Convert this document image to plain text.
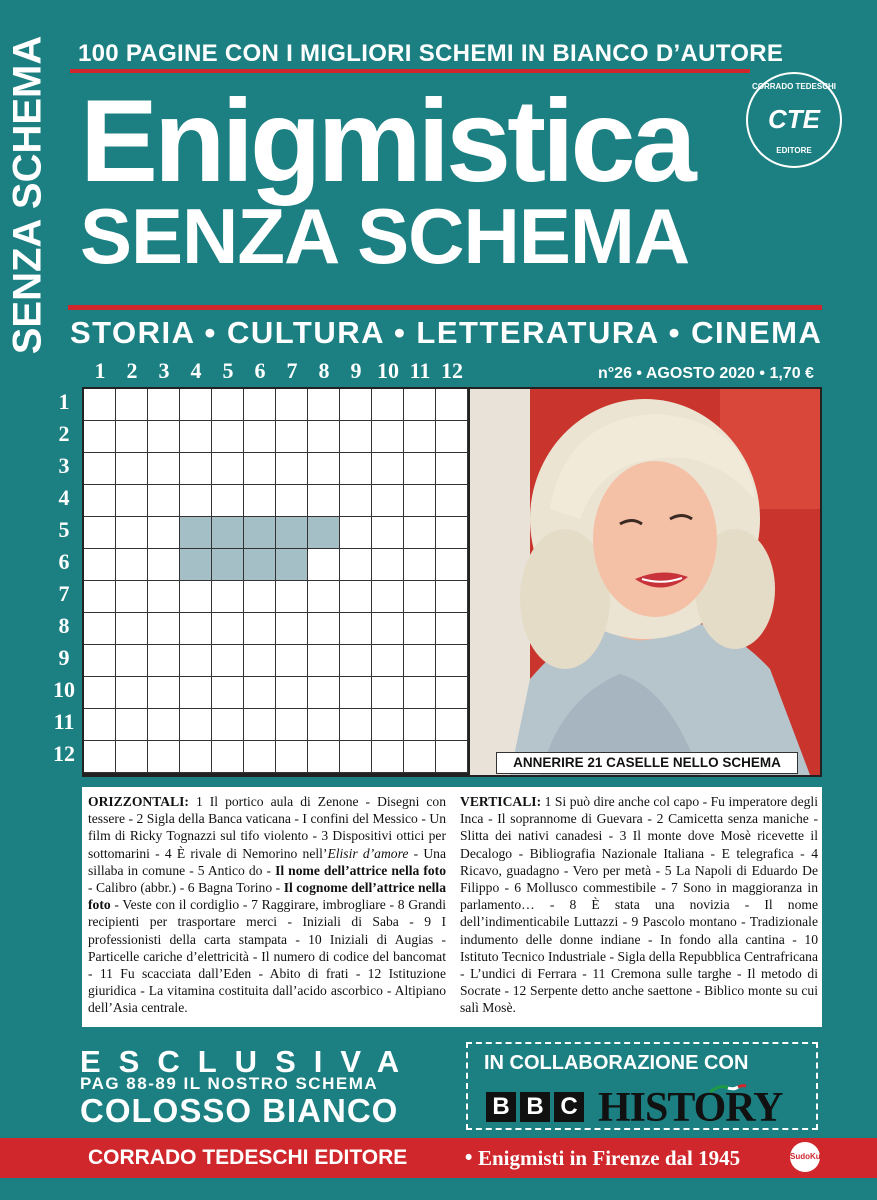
SENZA SCHEMA 100 PAGINE CON I MIGLIORI SCHEMI IN BIANCO D’AUTORE
CORRADO TEDESCHI
CTE
EDITORE
Enigmistica
SENZA SCHEMA
STORIA • CULTURA • LETTERATURA • CINEMA
n°26 • AGOSTO 2020 • 1,70 €
1 2 3 4 5 6 7 8 9 10 11 12
1
2
3
4
5
6
7
8
9
10
11
12	ANNERIRE 21 CASELLE NELLO SCHEMA
ORIZZONTALI: 1 Il portico aula di Zenone - Disegni con tessere - 2 Sigla della Banca vaticana - I confini del Messico - Un film di Ricky Tognazzi sul tifo violento - 3 Dispositivi ottici per sottomarini - 4 È rivale di Nemorino nell’Elisir d’amore - Una sillaba in comune - 5 Antico do - Il nome dell’attrice nella foto - Calibro (abbr.) - 6 Bagna Torino - Il cognome dell’attrice nella foto - Veste con il cordiglio - 7 Raggirare, imbrogliare - 8 Grandi recipienti per trasportare merci - Iniziali di Saba - 9 I professionisti della carta stampata - 10 Iniziali di Augias - Particelle cariche d’elettricità - Il numero di codice del bancomat - 11 Fu scacciata dall’Eden - Abito di frati - 12 Istituzione giuridica - La vitamina costituita dall’acido ascorbico - Altipiano dell’Asia centrale.
VERTICALI: 1 Si può dire anche col capo - Fu imperatore degli Inca - Il soprannome di Guevara - 2 Camicetta senza maniche - Slitta dei nativi canadesi - 3 Il monte dove Mosè ricevette il Decalogo - Bibliografia Nazionale Italiana - E telegrafica - 4 Ricavo, guadagno - Vero per metà - 5 La Napoli di Eduardo De Filippo - 6 Mollusco commestibile - 7 Sono in maggioranza in parlamento… - 8 È stata una novizia - Il nome dell’indimenticabile Luttazzi - 9 Pascolo montano - Tradizionale indumento delle donne indiane - In fondo alla cantina - 10 Istituto Tecnico Industriale - Sigla della Repubblica Centrafricana - L’undici di Ferrara - 11 Cremona sulle targhe - Il metodo di Socrate - 12 Serpente detto anche saettone - Biblico monte su cui salì Mosè.
ESCLUSIVA
PAG 88-89 IL NOSTRO SCHEMA
COLOSSO BIANCO
IN COLLABORAZIONE CON
B B C HISTORY
CORRADO TEDESCHI EDITORE	• Enigmisti in Firenze dal 1945	SudoKu
